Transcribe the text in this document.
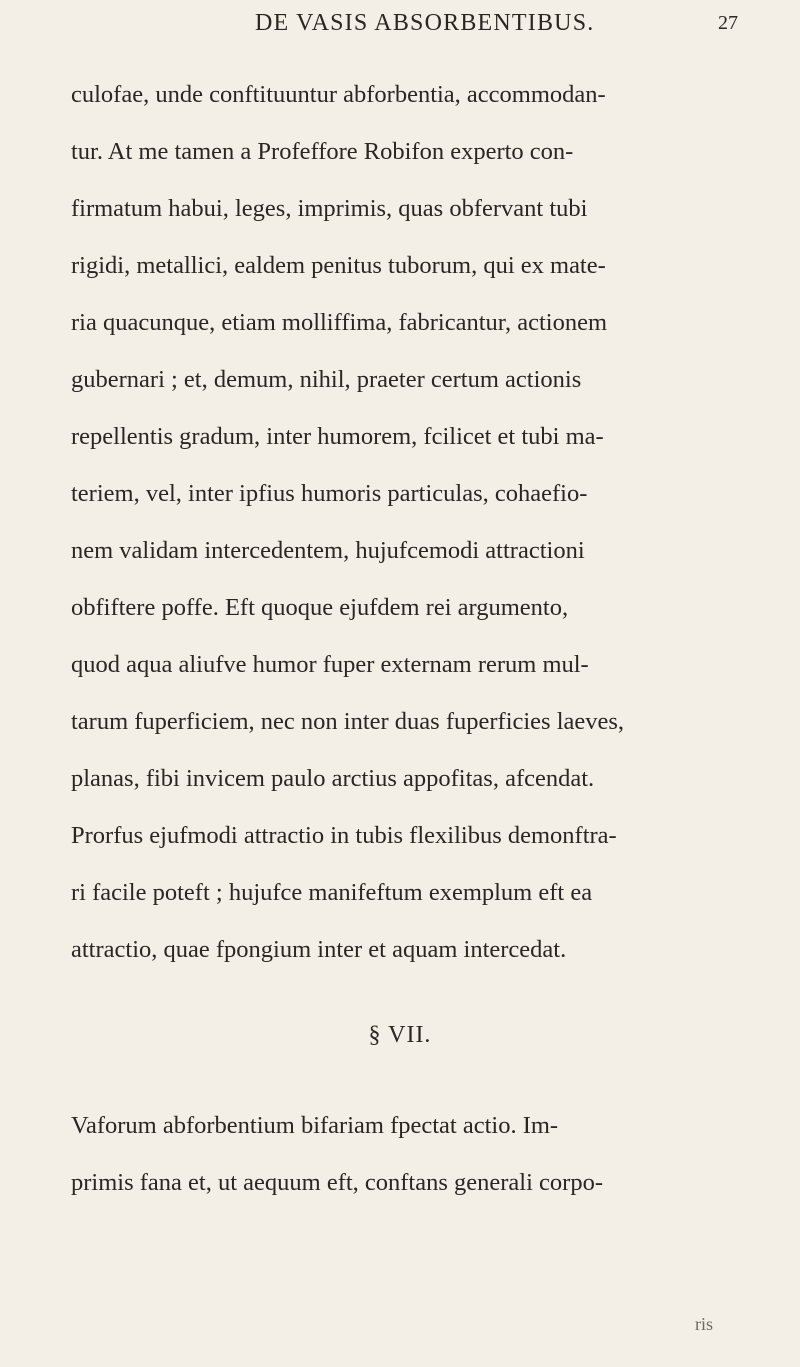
DE VASIS ABSORBENTIBUS.	27
culofae, unde conftituuntur abforbentia, accommodan-
tur. At me tamen a Profeffore Robifon experto con-
firmatum habui, leges, imprimis, quas obfervant tubi
rigidi, metallici, ealdem penitus tuborum, qui ex mate-
ria quacunque, etiam molliffima, fabricantur, actionem
gubernari ; et, demum, nihil, praeter certum actionis
repellentis gradum, inter humorem, fcilicet et tubi ma-
teriem, vel, inter ipfius humoris particulas, cohaefio-
nem validam intercedentem, hujufcemodi attractioni
obfiftere poffe. Eft quoque ejufdem rei argumento,
quod aqua aliufve humor fuper externam rerum mul-
tarum fuperficiem, nec non inter duas fuperficies laeves,
planas, fibi invicem paulo arctius appofitas, afcendat.
Prorfus ejufmodi attractio in tubis flexilibus demonftra-
ri facile poteft ; hujufce manifeftum exemplum eft ea
attractio, quae fpongium inter et aquam intercedat.
§ VII.
Vaforum abforbentium bifariam fpectat actio. Im-
primis fana et, ut aequum eft, conftans generali corpo-
ris
